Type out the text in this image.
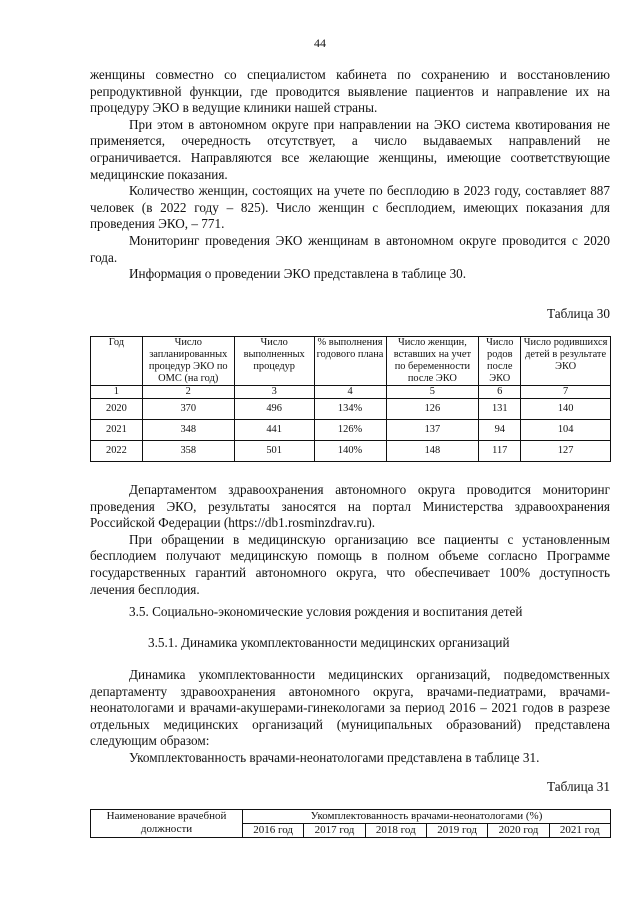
44

женщины совместно со специалистом кабинета по сохранению и восстановлению репродуктивной функции, где проводится выявление пациентов и направление их на процедуру ЭКО в ведущие клиники нашей страны.

При этом в автономном округе при направлении на ЭКО система квотирования не применяется, очередность отсутствует, а число выдаваемых направлений не ограничивается. Направляются все желающие женщины, имеющие соответствующие медицинские показания.

Количество женщин, состоящих на учете по бесплодию в 2023 году, составляет 887 человек (в 2022 году – 825). Число женщин с бесплодием, имеющих показания для проведения ЭКО, – 771.

Мониторинг проведения ЭКО женщинам в автономном округе проводится с 2020 года.

Информация о проведении ЭКО представлена в таблице 30.

Таблица 30
Год	Число запланированных процедур ЭКО по ОМС (на год)	Число выполненных процедур	% выполнения годового плана	Число женщин, вставших на учет по беременности после ЭКО	Число родов после ЭКО	Число родившихся детей в результате ЭКО
1	2	3	4	5	6	7
2020	370	496	134%	126	131	140
2021	348	441	126%	137	94	104
2022	358	501	140%	148	117	127

Департаментом здравоохранения автономного округа проводится мониторинг проведения ЭКО, результаты заносятся на портал Министерства здравоохранения Российской Федерации (https://db1.rosminzdrav.ru).

При обращении в медицинскую организацию все пациенты с установленным бесплодием получают медицинскую помощь в полном объеме согласно Программе государственных гарантий автономного округа, что обеспечивает 100% доступность лечения бесплодия.

3.5. Социально-экономические условия рождения и воспитания детей
3.5.1. Динамика укомплектованности медицинских организаций

Динамика укомплектованности медицинских организаций, подведомственных департаменту здравоохранения автономного округа, врачами-педиатрами, врачами-неонатологами и врачами-акушерами-гинекологами за период 2016 – 2021 годов в разрезе отдельных медицинских организаций (муниципальных образований) представлена следующим образом:

Укомплектованность врачами-неонатологами представлена в таблице 31.

Таблица 31
Наименование врачебной должности	Укомплектованность врачами-неонатологами (%)					
	2016 год	2017 год	2018 год	2019 год	2020 год	2021 год
